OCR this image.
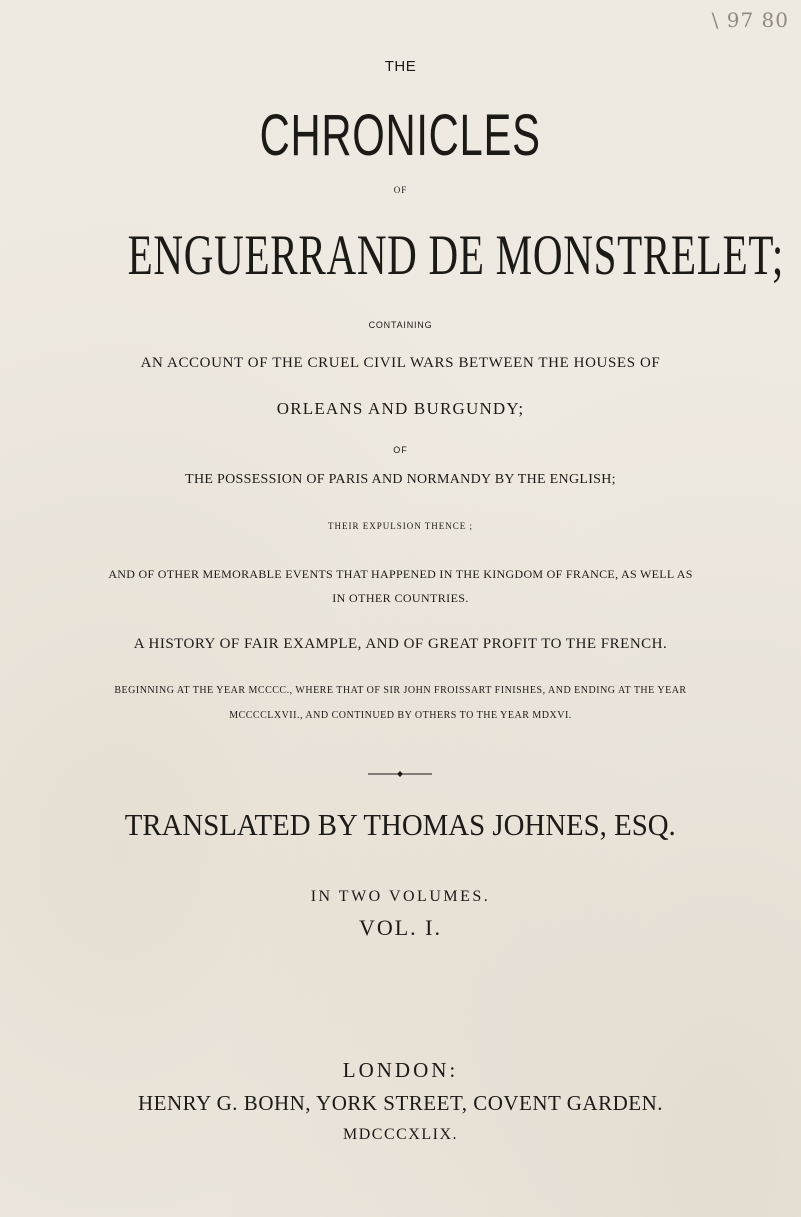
\ 97 80
THE
CHRONICLES
OF
ENGUERRAND DE MONSTRELET;
CONTAINING
AN ACCOUNT OF THE CRUEL CIVIL WARS BETWEEN THE HOUSES OF
ORLEANS AND BURGUNDY;
OF
THE POSSESSION OF PARIS AND NORMANDY BY THE ENGLISH;
THEIR EXPULSION THENCE ;
AND OF OTHER MEMORABLE EVENTS THAT HAPPENED IN THE KINGDOM OF FRANCE, AS WELL AS
IN OTHER COUNTRIES.
A HISTORY OF FAIR EXAMPLE, AND OF GREAT PROFIT TO THE FRENCH.
BEGINNING AT THE YEAR MCCCC., WHERE THAT OF SIR JOHN FROISSART FINISHES, AND ENDING AT THE YEAR
MCCCCLXVII., AND CONTINUED BY OTHERS TO THE YEAR MDXVI.
TRANSLATED BY THOMAS JOHNES, ESQ.
IN TWO VOLUMES.
VOL. I.
LONDON:
HENRY G. BOHN, YORK STREET, COVENT GARDEN.
MDCCCXLIX.
